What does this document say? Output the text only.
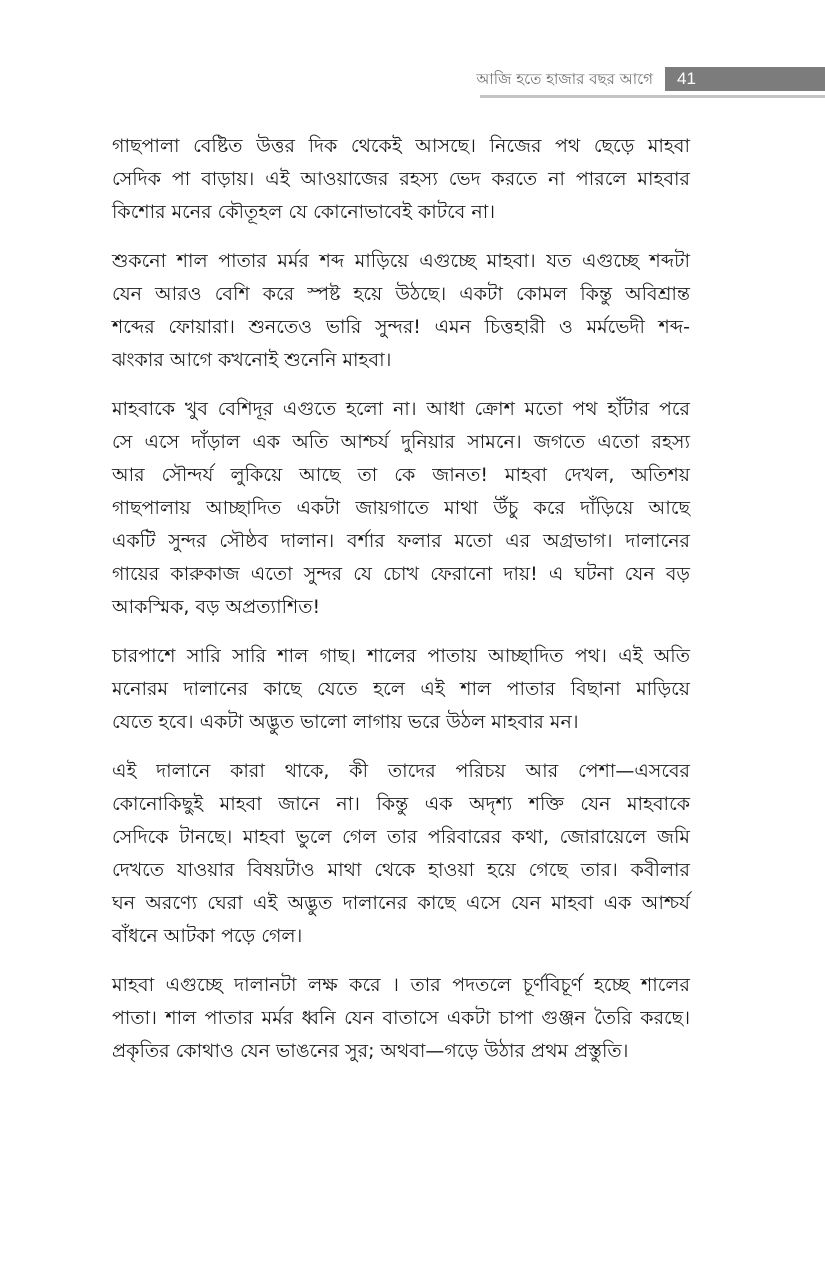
আজি হতে হাজার বছর আগে 41

গাছপালা বেষ্টিত উত্তর দিক থেকেই আসছে। নিজের পথ ছেড়ে মাহবা
সেদিক পা বাড়ায়। এই আওয়াজের রহস্য ভেদ করতে না পারলে মাহবার
কিশোর মনের কৌতূহল যে কোনোভাবেই কাটবে না।

শুকনো শাল পাতার মর্মর শব্দ মাড়িয়ে এগুচ্ছে মাহবা। যত এগুচ্ছে শব্দটা
যেন আরও বেশি করে স্পষ্ট হয়ে উঠছে। একটা কোমল কিন্তু অবিশ্রান্ত
শব্দের ফোয়ারা। শুনতেও ভারি সুন্দর! এমন চিত্তহারী ও মর্মভেদী শব্দ-
ঝংকার আগে কখনোই শুনেনি মাহবা।

মাহবাকে খুব বেশিদূর এগুতে হলো না। আধা ক্রোশ মতো পথ হাঁটার পরে
সে এসে দাঁড়াল এক অতি আশ্চর্য দুনিয়ার সামনে। জগতে এতো রহস্য
আর সৌন্দর্য লুকিয়ে আছে তা কে জানত! মাহবা দেখল, অতিশয়
গাছপালায় আচ্ছাদিত একটা জায়গাতে মাথা উঁচু করে দাঁড়িয়ে আছে
একটি সুন্দর সৌষ্ঠব দালান। বর্শার ফলার মতো এর অগ্রভাগ। দালানের
গায়ের কারুকাজ এতো সুন্দর যে চোখ ফেরানো দায়! এ ঘটনা যেন বড়
আকস্মিক, বড় অপ্রত্যাশিত!

চারপাশে সারি সারি শাল গাছ। শালের পাতায় আচ্ছাদিত পথ। এই অতি
মনোরম দালানের কাছে যেতে হলে এই শাল পাতার বিছানা মাড়িয়ে
যেতে হবে। একটা অদ্ভুত ভালো লাগায় ভরে উঠল মাহবার মন।

এই দালানে কারা থাকে, কী তাদের পরিচয় আর পেশা—এসবের
কোনোকিছুই মাহবা জানে না। কিন্তু এক অদৃশ্য শক্তি যেন মাহবাকে
সেদিকে টানছে। মাহবা ভুলে গেল তার পরিবারের কথা, জোরায়েলে জমি
দেখতে যাওয়ার বিষয়টাও মাথা থেকে হাওয়া হয়ে গেছে তার। কবীলার
ঘন অরণ্যে ঘেরা এই অদ্ভুত দালানের কাছে এসে যেন মাহবা এক আশ্চর্য
বাঁধনে আটকা পড়ে গেল।

মাহবা এগুচ্ছে দালানটা লক্ষ করে । তার পদতলে চূর্ণবিচূর্ণ হচ্ছে শালের
পাতা। শাল পাতার মর্মর ধ্বনি যেন বাতাসে একটা চাপা গুঞ্জন তৈরি করছে।
প্রকৃতির কোথাও যেন ভাঙনের সুর; অথবা—গড়ে উঠার প্রথম প্রস্তুতি।
